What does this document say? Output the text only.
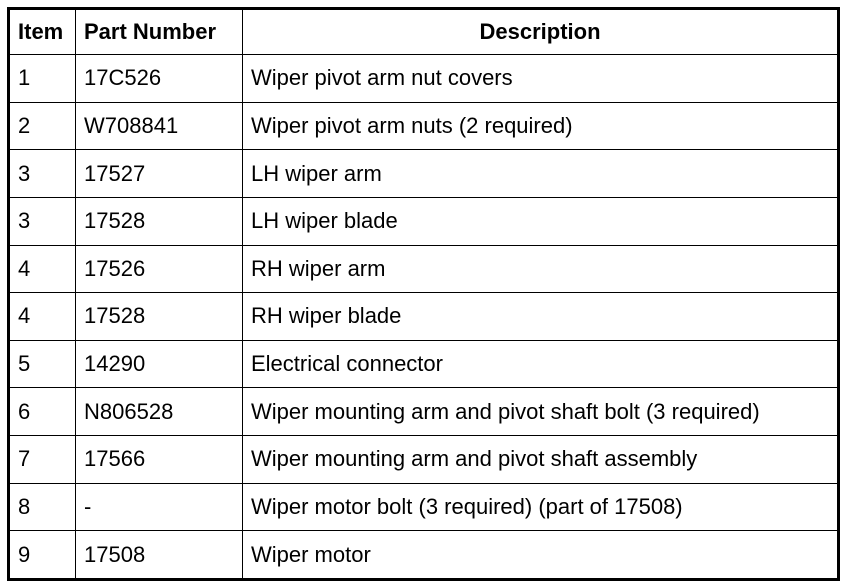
Item	Part Number	Description
1	17C526	Wiper pivot arm nut covers
2	W708841	Wiper pivot arm nuts (2 required)
3	17527	LH wiper arm
3	17528	LH wiper blade
4	17526	RH wiper arm
4	17528	RH wiper blade
5	14290	Electrical connector
6	N806528	Wiper mounting arm and pivot shaft bolt (3 required)
7	17566	Wiper mounting arm and pivot shaft assembly
8	-	Wiper motor bolt (3 required) (part of 17508)
9	17508	Wiper motor
